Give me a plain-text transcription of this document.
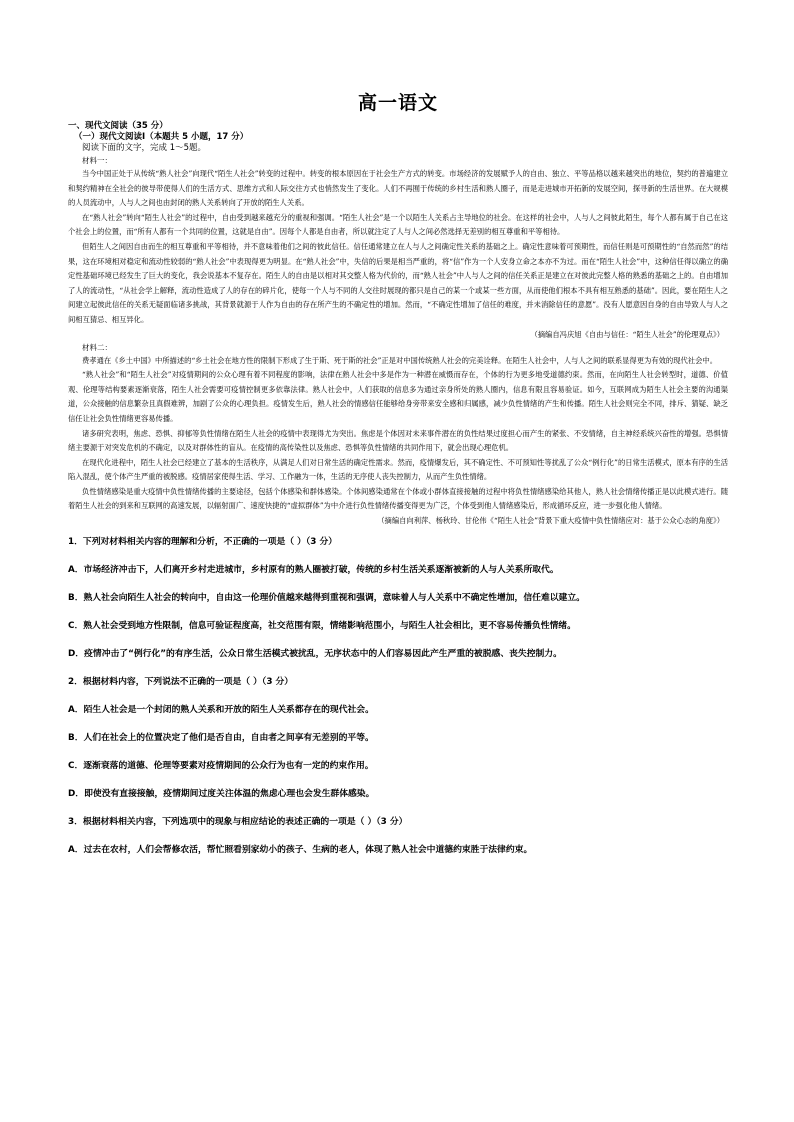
高一语文
一、现代文阅读（35 分）
（一）现代文阅读Ⅰ（本题共 5 小题，17 分）
阅读下面的文字，完成 1～5题。
材料一：

当今中国正处于从传统“熟人社会”向现代“陌生人社会”转变的过程中。转变的根本原因在于社会生产方式的转变。市场经济的发展赋予人的自由、独立、平等品格以越来越突出的地位，契约的普遍建立和契约精神在全社会的彼导带使得人们的生活方式、思维方式和人际交往方式也悄然发生了变化。人们不再囿于传统的乡村生活和熟人圈子，而是走进城市开拓新的发展空间，探寻新的生活世界。在大规模的人员流动中，人与人之间也由封闭的熟人关系转向了开放的陌生人关系。

在“熟人社会”转向“陌生人社会”的过程中，自由受到越来越充分的重视和强调。“陌生人社会”是一个以陌生人关系占主导地位的社会。在这样的社会中，人与人之间彼此陌生，每个人都有属于自己在这个社会上的位置，而“所有人都有一个共同的位置，这就是自由”。因每个人都是自由者，所以就注定了人与人之间必然选择无差别的相互尊重和平等相待。

但陌生人之间因自由而生的相互尊重和平等相待，并不意味着他们之间的彼此信任。信任通常建立在人与人之间确定性关系的基础之上。确定性意味着可预期性，而信任则是可预期性的“自然而然”的结果，这在环境相对稳定和流动性较弱的“熟人社会”中表现得更为明显。在“熟人社会”中，失信的后果是相当严重的，将“信”作为一个人安身立命之本亦不为过。而在“陌生人社会”中，这种信任得以确立的确定性基础环境已经发生了巨大的变化，我会说基本不复存在。陌生人的自由是以相对其交整人格为代价的，而“熟人社会”中人与人之间的信任关系正是建立在对彼此完整人格的熟悉的基础之上的。自由增加了人的流动性，“从社会学上解释，流动性造成了人的存在的碎片化，使每一个人与不同的人交往时展现的都只是自己的某一个或某一些方面，从而使他们根本不具有相互熟悉的基础”。因此，要在陌生人之间建立起彼此信任的关系无疑面临诸多挑战，其背景就源于人作为自由的存在所产生的不确定性的增加。然而，“不确定性增加了信任的难度，并未消除信任的意愿”。没有人愿意因自身的自由导致人与人之间相互猜忌、相互异化。

（摘编自冯庆旭《自由与信任：“陌生人社会”的伦理观点》）
材料二：

费孝通在《乡土中国》中所描述的“乡土社会在地方性的限制下形成了生于斯、死于斯的社会”正是对中国传统熟人社会的完美诠释。在陌生人社会中，人与人之间的联系显得更为有效的现代社会中。

“熟人社会”和“陌生人社会”对疫情期间的公众心理有着不同程度的影响，法律在熟人社会中多是作为一种潜在威慑而存在，个体的行为更多地受道德约束。然而，在向陌生人社会转型时，道德、价值观、伦理等结构要素逐渐衰落，陌生人社会需要可疫情控制更多依靠法律。熟人社会中，人们获取的信息多为通过亲身所处的熟人圈内，信息有限且容易验证。如今，互联网成为陌生人社会主要的沟通渠道，公众接触的信息繁杂且真假难辨，加剧了公众的心理负担。疫情发生后，熟人社会的情感信任能够给身旁带来安全感和归属感，减少负性情绪的产生和传播。陌生人社会则完全不同，排斥、猜疑、缺乏信任让社会负性情绪更容易传播。

诸多研究表明，焦虑、恐惧、抑郁等负性情绪在陌生人社会的疫情中表现得尤为突出。焦虑是个体因对未来事件潜在的负性结果过度担心而产生的紧张、不安情绪，自主神经系统兴奋性的增强。恐惧情绪主要源于对突发危机的不确定，以及对群体性的盲从。在疫情的高传染性以及焦虑、恐惧等负性情绪的共同作用下，就会出现心理危机。

在现代化进程中，陌生人社会已经建立了基本的生活秩序，从满足人们对日常生活的确定性需求。然而，疫情爆发后，其不确定性、不可预知性等扰乱了公众“例行化”的日常生活模式，原本有序的生活陷入混乱，使个体产生严重的被脱感。疫情居家使得生活、学习、工作融为一体，生活的无序使人丧失控制力，从而产生负性情绪。

负性情绪感染是重大疫情中负性情绪传播的主要途径，包括个体感染和群体感染。个体间感染通常在个体或小群体直接接触的过程中将负性情绪感染给其他人，熟人社会情绪传播正是以此模式进行。随着陌生人社会的到来和互联网的高速发展，以辐射面广、速度快捷的“虚拟群体”为中介进行负性情绪传播变得更为广泛，个体受到他人情绪感染后，形成循环反应，进一步强化他人情绪。

（摘编自向利萍、杨秋玲、甘伦伟《“陌生人社会”背景下重大疫情中负性情绪应对：基于公众心态的角度》）
1．下列对材料相关内容的理解和分析，不正确的一项是（ ）（3 分）
A．市场经济冲击下，人们离开乡村走进城市，乡村原有的熟人圈被打破，传统的乡村生活关系逐渐被新的人与人关系所取代。
B．熟人社会向陌生人社会的转向中，自由这一伦理价值越来越得到重视和强调，意味着人与人关系中不确定性增加，信任难以建立。
C．熟人社会受到地方性限制，信息可验证程度高，社交范围有限，情绪影响范围小，与陌生人社会相比，更不容易传播负性情绪。
D．疫情冲击了“例行化”的有序生活，公众日常生活模式被扰乱，无序状态中的人们容易因此产生严重的被脱感、丧失控制力。
2．根据材料内容，下列说法不正确的一项是（ ）（3 分）
A．陌生人社会是一个封闭的熟人关系和开放的陌生人关系都存在的现代社会。
B．人们在社会上的位置决定了他们是否自由，自由者之间享有无差别的平等。
C．逐渐衰落的道德、伦理等要素对疫情期间的公众行为也有一定的约束作用。
D．即使没有直接接触，疫情期间过度关注体温的焦虑心理也会发生群体感染。
3．根据材料相关内容，下列选项中的现象与相应结论的表述正确的一项是（ ）（3 分）
A．过去在农村，人们会帮修农活，帮忙照看别家幼小的孩子、生病的老人，体现了熟人社会中道德约束胜于法律约束。
